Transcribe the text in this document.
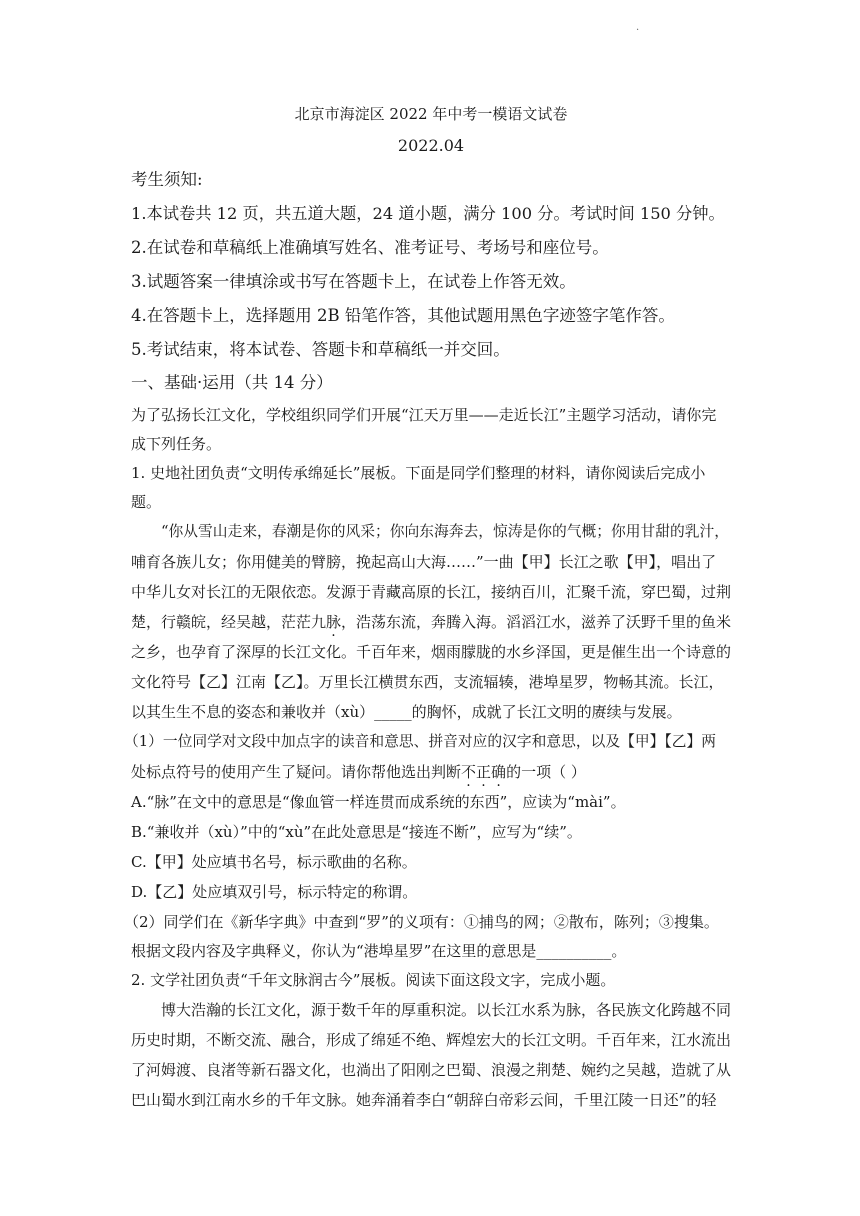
.
北京市海淀区 2022 年中考一模语文试卷
2022.04
考生须知:
1.本试卷共 12 页，共五道大题，24 道小题，满分 100 分。考试时间 150 分钟。
2.在试卷和草稿纸上准确填写姓名、准考证号、考场号和座位号。
3.试题答案一律填涂或书写在答题卡上，在试卷上作答无效。
4.在答题卡上，选择题用 2B 铅笔作答，其他试题用黑色字迹签字笔作答。
5.考试结束，将本试卷、答题卡和草稿纸一并交回。
一、基础·运用（共 14 分）
为了弘扬长江文化，学校组织同学们开展“江天万里——走近长江”主题学习活动，请你完
成下列任务。
1. 史地社团负责“文明传承绵延长”展板。下面是同学们整理的材料，请你阅读后完成小
题。
“你从雪山走来，春潮是你的风采；你向东海奔去，惊涛是你的气概；你用甘甜的乳汁，
哺育各族儿女；你用健美的臂膀，挽起高山大海……”一曲【甲】长江之歌【甲】，唱出了
中华儿女对长江的无限依恋。发源于青藏高原的长江，接纳百川，汇聚千流，穿巴蜀，过荆
楚，行赣皖，经吴越，茫茫九脉，浩荡东流，奔腾入海。滔滔江水，滋养了沃野千里的鱼米
之乡，也孕育了深厚的长江文化。千百年来，烟雨朦胧的水乡泽国，更是催生出一个诗意的
文化符号【乙】江南【乙】。万里长江横贯东西，支流辐辏，港埠星罗，物畅其流。长江，
以其生生不息的姿态和兼收并（xù）_____的胸怀，成就了长江文明的赓续与发展。
（1）一位同学对文段中加点字的读音和意思、拼音对应的汉字和意思，以及【甲】【乙】两
处标点符号的使用产生了疑问。请你帮他选出判断不正确的一项（ ）
A.“脉”在文中的意思是“像血管一样连贯而成系统的东西”，应读为“mài”。
B.“兼收并（xù）”中的“xù”在此处意思是“接连不断”，应写为“续”。
C.【甲】处应填书名号，标示歌曲的名称。
D.【乙】处应填双引号，标示特定的称谓。
（2）同学们在《新华字典》中查到“罗”的义项有：①捕鸟的网；②散布，陈列；③搜集。
根据文段内容及字典释义，你认为“港埠星罗”在这里的意思是__________。
2. 文学社团负责“千年文脉润古今”展板。阅读下面这段文字，完成小题。
博大浩瀚的长江文化，源于数千年的厚重积淀。以长江水系为脉，各民族文化跨越不同
历史时期，不断交流、融合，形成了绵延不绝、辉煌宏大的长江文明。千百年来，江水流出
了河姆渡、良渚等新石器文化，也淌出了阳刚之巴蜀、浪漫之荆楚、婉约之吴越，造就了从
巴山蜀水到江南水乡的千年文脉。她奔涌着李白“朝辞白帝彩云间，千里江陵一日还”的轻
